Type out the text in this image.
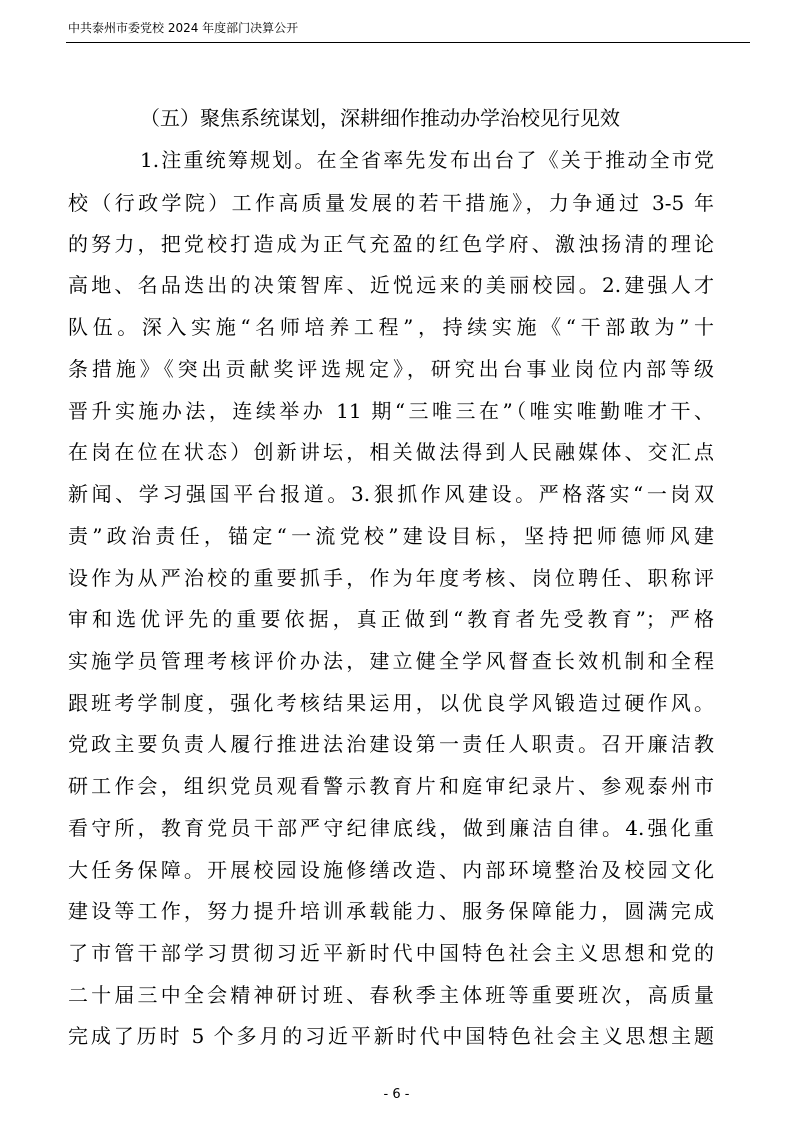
中共泰州市委党校 2024 年度部门决算公开
（五）聚焦系统谋划，深耕细作推动办学治校见行见效
1.注重统筹规划。在全省率先发布出台了《关于推动全市党
校（行政学院）工作高质量发展的若干措施》，力争通过 3-5 年
的努力，把党校打造成为正气充盈的红色学府、激浊扬清的理论
高地、名品迭出的决策智库、近悦远来的美丽校园。2.建强人才
队伍。深入实施“名师培养工程”，持续实施《“干部敢为”十
条措施》《突出贡献奖评选规定》，研究出台事业岗位内部等级
晋升实施办法，连续举办 11 期“三唯三在”（唯实唯勤唯才干、
在岗在位在状态）创新讲坛，相关做法得到人民融媒体、交汇点
新闻、学习强国平台报道。3.狠抓作风建设。严格落实“一岗双
责”政治责任，锚定“一流党校”建设目标，坚持把师德师风建
设作为从严治校的重要抓手，作为年度考核、岗位聘任、职称评
审和选优评先的重要依据，真正做到“教育者先受教育”；严格
实施学员管理考核评价办法，建立健全学风督查长效机制和全程
跟班考学制度，强化考核结果运用，以优良学风锻造过硬作风。
党政主要负责人履行推进法治建设第一责任人职责。召开廉洁教
研工作会，组织党员观看警示教育片和庭审纪录片、参观泰州市
看守所，教育党员干部严守纪律底线，做到廉洁自律。4.强化重
大任务保障。开展校园设施修缮改造、内部环境整治及校园文化
建设等工作，努力提升培训承载能力、服务保障能力，圆满完成
了市管干部学习贯彻习近平新时代中国特色社会主义思想和党的
二十届三中全会精神研讨班、春秋季主体班等重要班次，高质量
完成了历时 5 个多月的习近平新时代中国特色社会主义思想主题
- 6 -
